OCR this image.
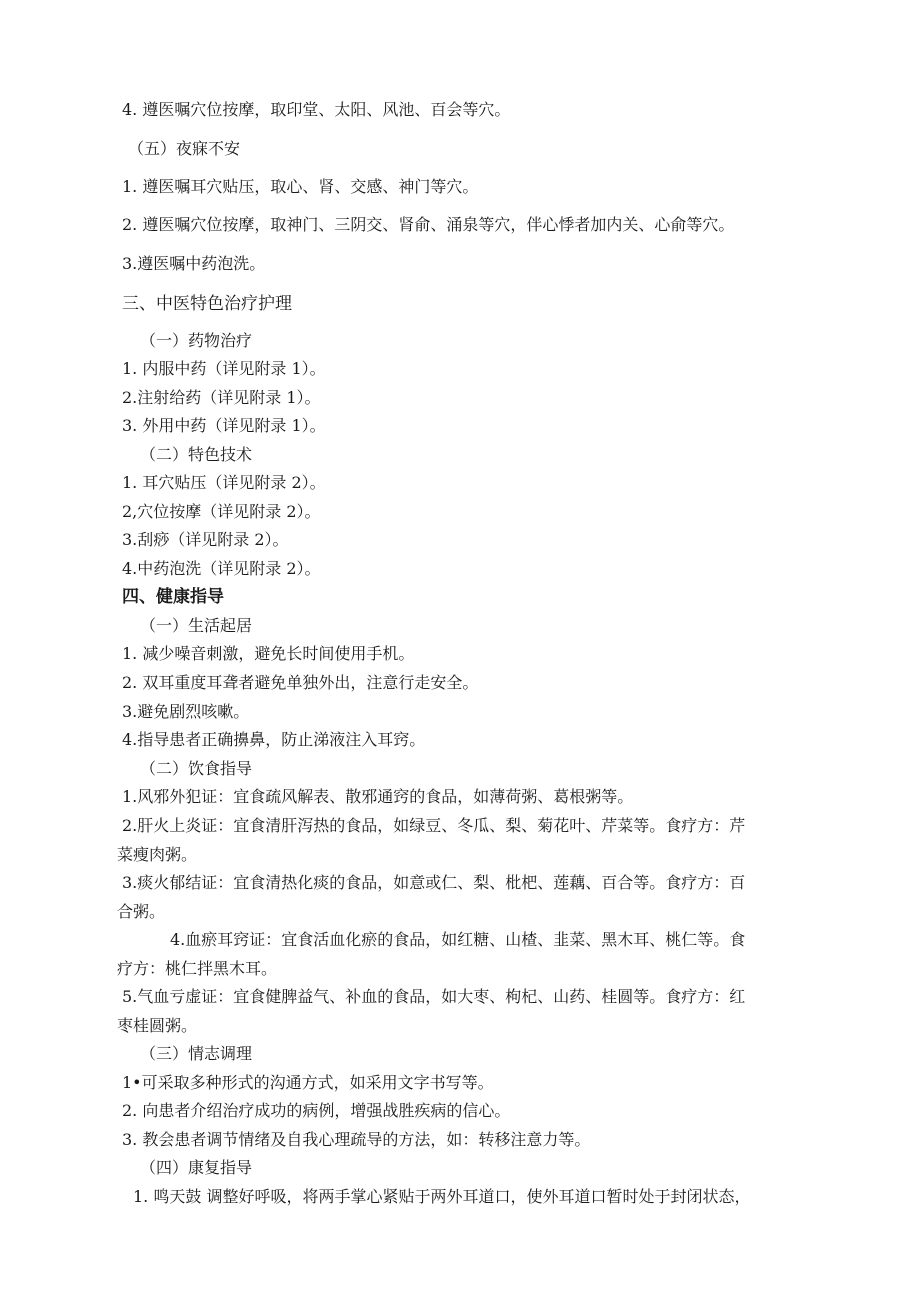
4. 遵医嘱穴位按摩，取印堂、太阳、风池、百会等穴。

（五）夜寐不安

1. 遵医嘱耳穴贴压，取心、肾、交感、神门等穴。

2. 遵医嘱穴位按摩，取神门、三阴交、肾俞、涌泉等穴，伴心悸者加内关、心俞等穴。

3.遵医嘱中药泡洗。

三、中医特色治疗护理

（一）药物治疗

1. 内服中药（详见附录 1）。

2.注射给药（详见附录 1）。

3. 外用中药（详见附录 1）。

（二）特色技术

1. 耳穴贴压（详见附录 2）。

2,穴位按摩（详见附录 2）。

3.刮痧（详见附录 2）。

4.中药泡洗（详见附录 2）。

四、健康指导

（一）生活起居

1. 减少噪音刺激，避免长时间使用手机。

2. 双耳重度耳聋者避免单独外出，注意行走安全。

3.避免剧烈咳嗽。

4.指导患者正确擤鼻，防止涕液注入耳窍。

（二）饮食指导

1.风邪外犯证：宜食疏风解表、散邪通窍的食品，如薄荷粥、葛根粥等。

2.肝火上炎证：宜食清肝泻热的食品，如绿豆、冬瓜、梨、菊花叶、芹菜等。食疗方：芹

菜瘦肉粥。

3.痰火郁结证：宜食清热化痰的食品，如意或仁、梨、枇杷、莲藕、百合等。食疗方：百

合粥。

4.血瘀耳窍证：宜食活血化瘀的食品，如红糖、山楂、韭菜、黑木耳、桃仁等。食

疗方：桃仁拌黑木耳。

5.气血亏虚证：宜食健脾益气、补血的食品，如大枣、枸杞、山药、桂圆等。食疗方：红

枣桂圆粥。

（三）情志调理

1•可采取多种形式的沟通方式，如采用文字书写等。

2. 向患者介绍治疗成功的病例，增强战胜疾病的信心。

3. 教会患者调节情绪及自我心理疏导的方法，如：转移注意力等。

（四）康复指导

1. 鸣天鼓 调整好呼吸，将两手掌心紧贴于两外耳道口，使外耳道口暂时处于封闭状态，
